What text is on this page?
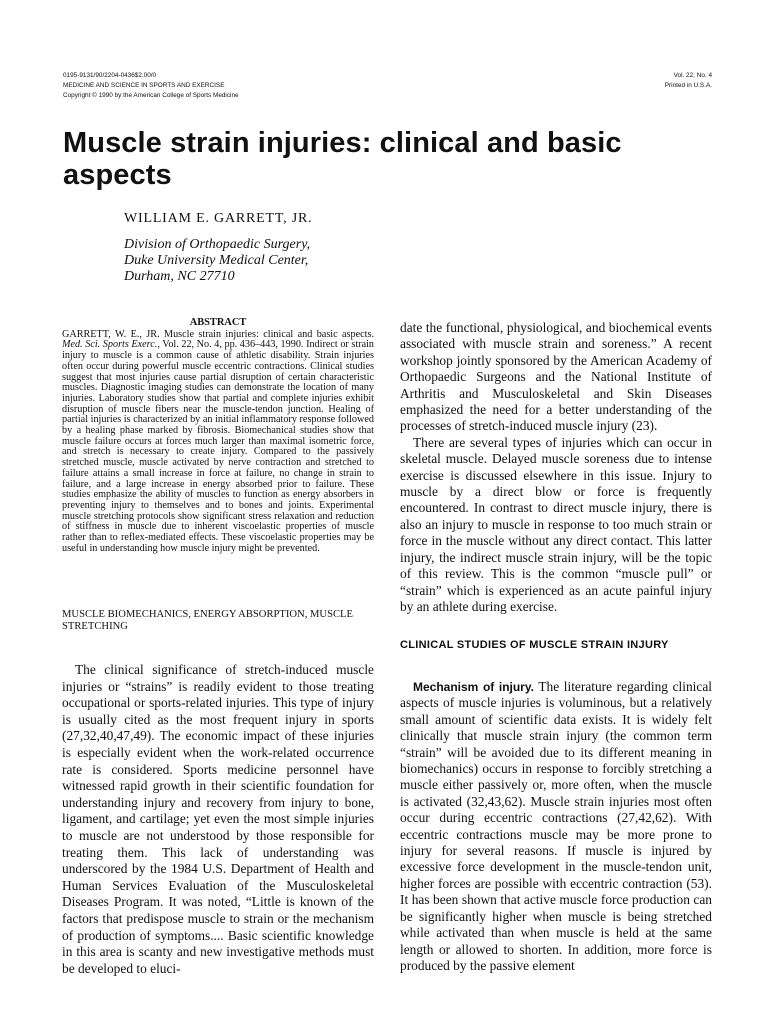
0195-9131/90/2204-0436$2.00/0
MEDICINE AND SCIENCE IN SPORTS AND EXERCISE
Copyright © 1990 by the American College of Sports Medicine
Vol. 22, No. 4
Printed in U.S.A.
Muscle strain injuries: clinical and basic aspects
WILLIAM E. GARRETT, JR.
Division of Orthopaedic Surgery,
Duke University Medical Center,
Durham, NC 27710
ABSTRACT
GARRETT, W. E., JR. Muscle strain injuries: clinical and basic aspects. Med. Sci. Sports Exerc., Vol. 22, No. 4, pp. 436–443, 1990. Indirect or strain injury to muscle is a common cause of athletic disability. Strain injuries often occur during powerful muscle eccentric contractions. Clinical studies suggest that most injuries cause partial disruption of certain characteristic muscles. Diagnostic imaging studies can demonstrate the location of many injuries. Laboratory studies show that partial and complete injuries exhibit disruption of muscle fibers near the muscle-tendon junction. Healing of partial injuries is characterized by an initial inflammatory response followed by a healing phase marked by fibrosis. Biomechanical studies show that muscle failure occurs at forces much larger than maximal isometric force, and stretch is necessary to create injury. Compared to the passively stretched muscle, muscle activated by nerve contraction and stretched to failure attains a small increase in force at failure, no change in strain to failure, and a large increase in energy absorbed prior to failure. These studies emphasize the ability of muscles to function as energy absorbers in preventing injury to themselves and to bones and joints. Experimental muscle stretching protocols show significant stress relaxation and reduction of stiffness in muscle due to inherent viscoelastic properties of muscle rather than to reflex-mediated effects. These viscoelastic properties may be useful in understanding how muscle injury might be prevented.
MUSCLE BIOMECHANICS, ENERGY ABSORPTION, MUSCLE STRETCHING

The clinical significance of stretch-induced muscle injuries or “strains” is readily evident to those treating occupational or sports-related injuries. This type of injury is usually cited as the most frequent injury in sports (27,32,40,47,49). The economic impact of these injuries is especially evident when the work-related occurrence rate is considered. Sports medicine personnel have witnessed rapid growth in their scientific foundation for understanding injury and recovery from injury to bone, ligament, and cartilage; yet even the most simple injuries to muscle are not understood by those responsible for treating them. This lack of understanding was underscored by the 1984 U.S. Department of Health and Human Services Evaluation of the Musculoskeletal Diseases Program. It was noted, “Little is known of the factors that predispose muscle to strain or the mechanism of production of symptoms.... Basic scientific knowledge in this area is scanty and new investigative methods must be developed to eluci-

date the functional, physiological, and biochemical events associated with muscle strain and soreness.” A recent workshop jointly sponsored by the American Academy of Orthopaedic Surgeons and the National Institute of Arthritis and Musculoskeletal and Skin Diseases emphasized the need for a better understanding of the processes of stretch-induced muscle injury (23).

There are several types of injuries which can occur in skeletal muscle. Delayed muscle soreness due to intense exercise is discussed elsewhere in this issue. Injury to muscle by a direct blow or force is frequently encountered. In contrast to direct muscle injury, there is also an injury to muscle in response to too much strain or force in the muscle without any direct contact. This latter injury, the indirect muscle strain injury, will be the topic of this review. This is the common “muscle pull” or “strain” which is experienced as an acute painful injury by an athlete during exercise.

CLINICAL STUDIES OF MUSCLE STRAIN INJURY

Mechanism of injury. The literature regarding clinical aspects of muscle injuries is voluminous, but a relatively small amount of scientific data exists. It is widely felt clinically that muscle strain injury (the common term “strain” will be avoided due to its different meaning in biomechanics) occurs in response to forcibly stretching a muscle either passively or, more often, when the muscle is activated (32,43,62). Muscle strain injuries most often occur during eccentric contractions (27,42,62). With eccentric contractions muscle may be more prone to injury for several reasons. If muscle is injured by excessive force development in the muscle-tendon unit, higher forces are possible with eccentric contraction (53). It has been shown that active muscle force production can be significantly higher when muscle is being stretched while activated than when muscle is held at the same length or allowed to shorten. In addition, more force is produced by the passive element
